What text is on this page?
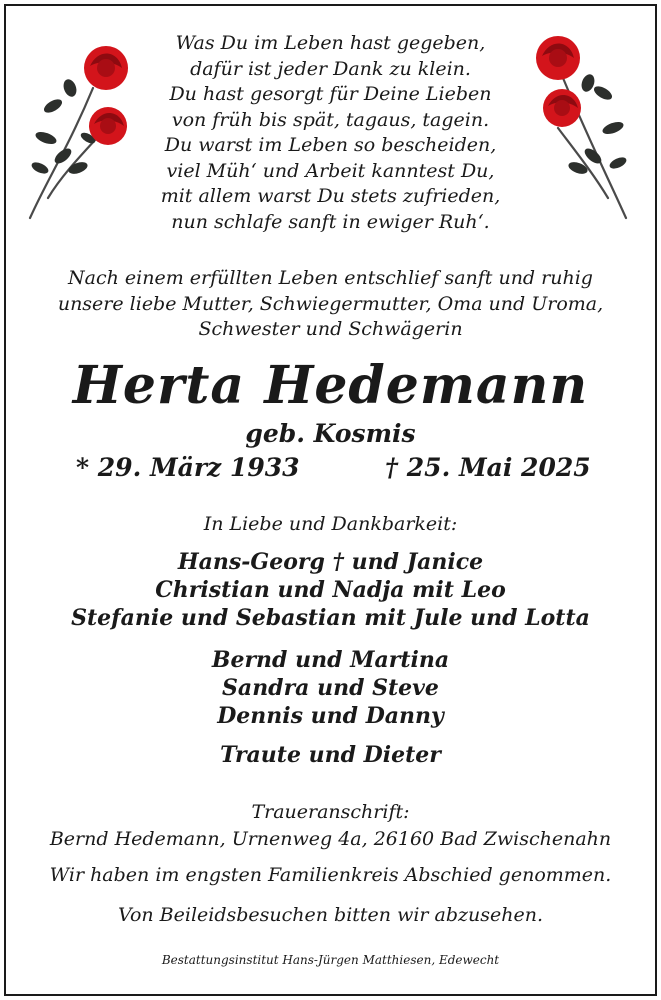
Was Du im Leben hast gegeben,
dafür ist jeder Dank zu klein.
Du hast gesorgt für Deine Lieben
von früh bis spät, tagaus, tagein.
Du warst im Leben so bescheiden,
viel Müh‘ und Arbeit kanntest Du,
mit allem warst Du stets zufrieden,
nun schlafe sanft in ewiger Ruh‘.
Nach einem erfüllten Leben entschlief sanft und ruhig
unsere liebe Mutter, Schwiegermutter, Oma und Uroma,
Schwester und Schwägerin
Herta Hedemann
geb. Kosmis
* 29. März 1933	† 25. Mai 2025
In Liebe und Dankbarkeit:
Hans-Georg † und Janice
Christian und Nadja mit Leo
Stefanie und Sebastian mit Jule und Lotta
Bernd und Martina
Sandra und Steve
Dennis und Danny
Traute und Dieter
Traueranschrift:
Bernd Hedemann, Urnenweg 4a, 26160 Bad Zwischenahn
Wir haben im engsten Familienkreis Abschied genommen.
Von Beileidsbesuchen bitten wir abzusehen.
Bestattungsinstitut Hans-Jürgen Matthiesen, Edewecht
